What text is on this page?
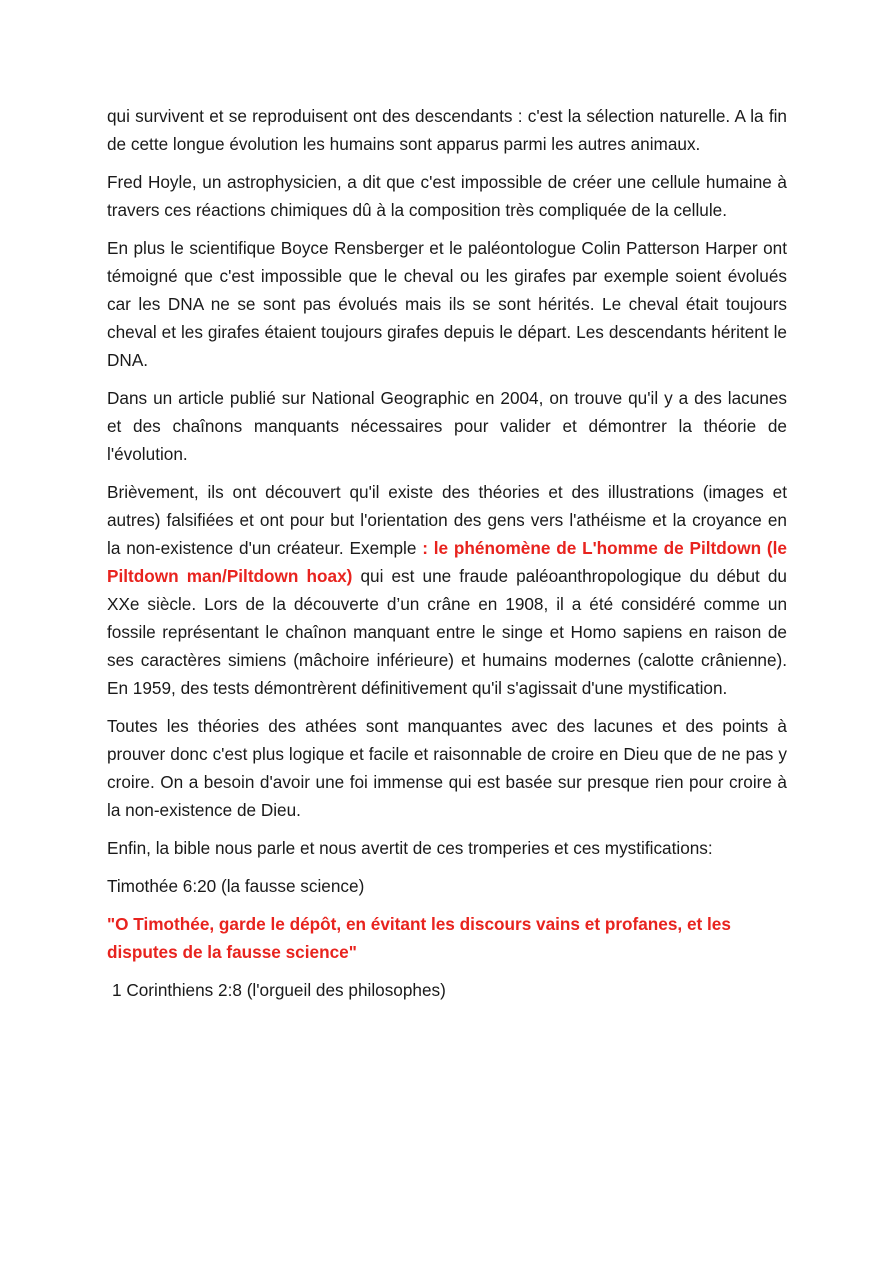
qui survivent et se reproduisent ont des descendants : c'est la sélection naturelle. A la fin de cette longue évolution les humains sont apparus parmi les autres animaux.

Fred Hoyle, un astrophysicien, a dit que c'est impossible de créer une cellule humaine à travers ces réactions chimiques dû à la composition très compliquée de la cellule.

En plus le scientifique Boyce Rensberger et le paléontologue Colin Patterson Harper ont témoigné que c'est impossible que le cheval ou les girafes par exemple soient évolués car les DNA ne se sont pas évolués mais ils se sont hérités. Le cheval était toujours cheval et les girafes étaient toujours girafes depuis le départ. Les descendants héritent le DNA.

Dans un article publié sur National Geographic en 2004, on trouve qu'il y a des lacunes et des chaînons manquants nécessaires pour valider et démontrer la théorie de l'évolution.

Brièvement, ils ont découvert qu'il existe des théories et des illustrations (images et autres) falsifiées et ont pour but l'orientation des gens vers l'athéisme et la croyance en la non-existence d'un créateur. Exemple : le phénomène de L'homme de Piltdown (le Piltdown man/Piltdown hoax) qui est une fraude paléoanthropologique du début du XXe siècle. Lors de la découverte d’un crâne en 1908, il a été considéré comme un fossile représentant le chaînon manquant entre le singe et Homo sapiens en raison de ses caractères simiens (mâchoire inférieure) et humains modernes (calotte crânienne). En 1959, des tests démontrèrent définitivement qu'il s'agissait d'une mystification.

Toutes les théories des athées sont manquantes avec des lacunes et des points à prouver donc c'est plus logique et facile et raisonnable de croire en Dieu que de ne pas y croire. On a besoin d'avoir une foi immense qui est basée sur presque rien pour croire à la non-existence de Dieu.

Enfin, la bible nous parle et nous avertit de ces tromperies et ces mystifications:

Timothée 6:20 (la fausse science)

"O Timothée, garde le dépôt, en évitant les discours vains et profanes, et les disputes de la fausse science"

1 Corinthiens 2:8 (l'orgueil des philosophes)
